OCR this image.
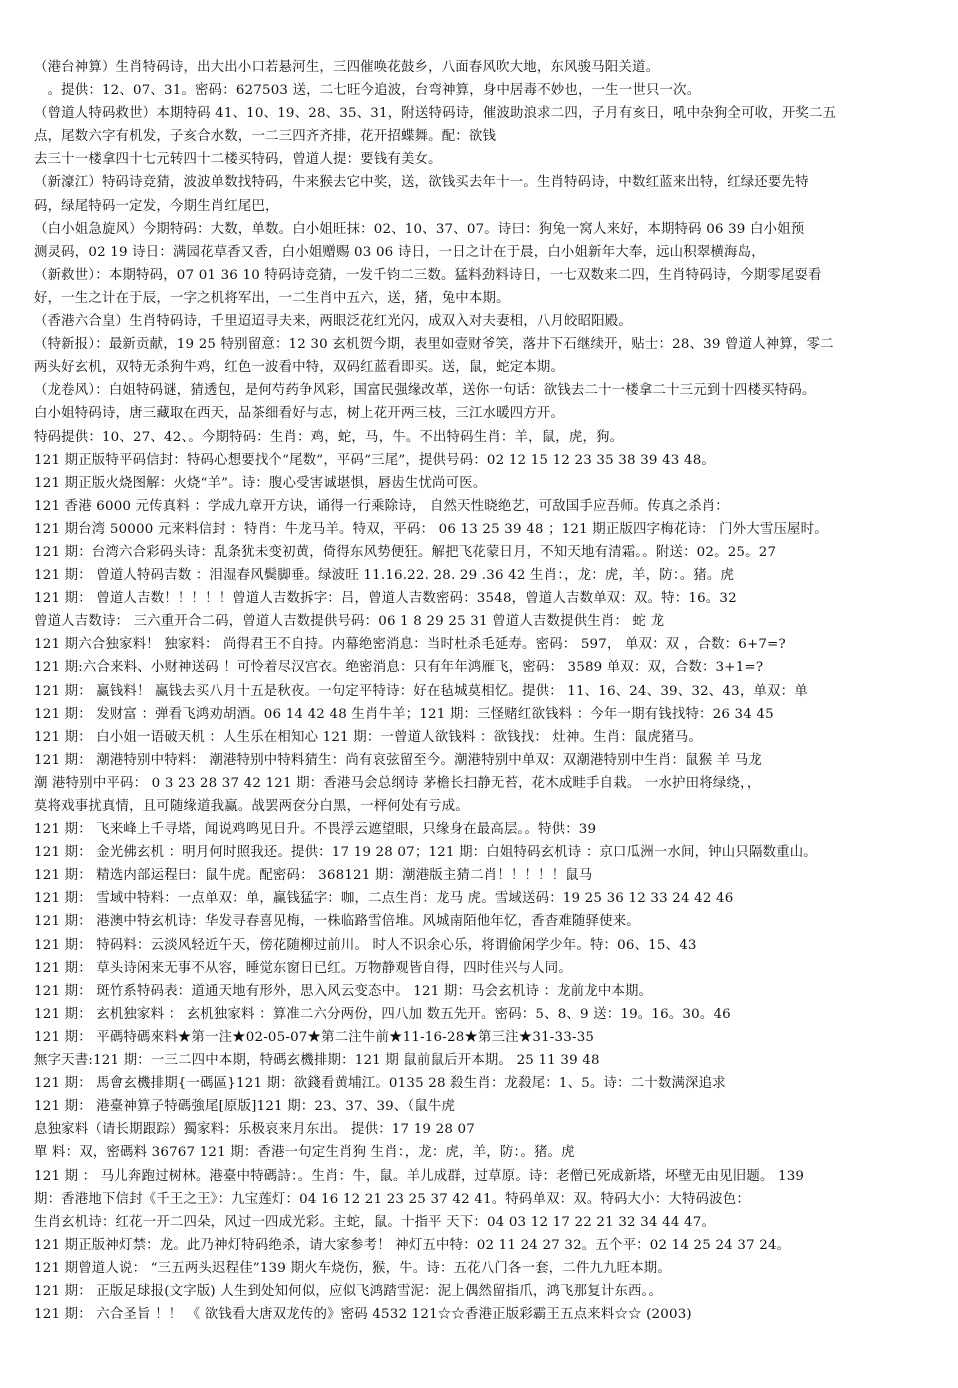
（港台神算）生肖特码诗，出大出小口若悬河生，三四催唤花鼓乡，八面春风吹大地，东风骏马阳关道。
　。提供：12、07、31。密码：627503 送，二七旺今追波，台弯神算，身中居毒不妙也，一生一世只一次。
（曾道人特码救世）本期特码 41、10、19、28、35、31，附送特码诗，催波助浪求二四，子月有亥日，吼中杂狗全可收，开奖二五
点，尾数六字有机发，子亥合水数，一二三四齐齐排，花开招蝶舞。配：欲钱
去三十一楼拿四十七元转四十二楼买特码，曾道人提：要钱有美女。
（新濠江）特码诗竞猜，波波单数找特码，牛来猴去它中奖，送，欲钱买去年十一。生肖特码诗，中数红蓝来出特，红绿还要先特
码，绿尾特码一定发，今期生肖红尾巴，
（白小姐急旋风）今期特码：大数，单数。白小姐旺抹：02、10、37、07。诗曰：狗兔一窝人来好，本期特码 06 39 白小姐预
测灵码，02 19 诗日：满园花草香又香，白小姐赠赐 03 06 诗日，一日之计在于晨，白小姐新年大奉，远山积翠横海岛，
（新救世）：本期特码，07 01 36 10 特码诗竞猜，一发千钧二三数。猛料劲料诗日，一七双数来二四，生肖特码诗，今期零尾耍看
好，一生之计在于辰，一字之机将军出，一二生肖中五六，送，猪，兔中本期。
（香港六合皇）生肖特码诗，千里迢迢寻夫来，两眼泛花红光闪，成双入对夫妻相，八月皎昭阳殿。
（特新报）：最新贡献，19 25 特别留意：12 30 玄机贺今期，表里如壹财爷笑，落井下石继续开，贴士：28、39 曾道人神算，零二
两头好玄机，双特无杀狗牛鸡，红色一波看中特，双码红蓝看即买。送，鼠，蛇定本期。
（龙卷风）：白姐特码谜，猜透包，是何芍药争风彩，国富民强缘改革，送你一句话：欲钱去二十一楼拿二十三元到十四楼买特码。
白小姐特码诗，唐三藏取在西天，品茶细看好与志，树上花开两三枝，三江水暖四方开。
特码提供：10、27、42、。今期特码：生肖：鸡，蛇，马，牛。不出特码生肖：羊，鼠，虎，狗。
121 期正版特平码信封：特码心想要找个“尾数”，平码“三尾”，提供号码：02 12 15 12 23 35 38 39 43 48。
121 期正版火烧图解：火烧“羊”。诗：腹心受害诚堪惧，唇齿生忧尚可医。
121 香港 6000 元传真料 ：学成九章开方诀，诵得一行乘除诗， 自然天性晓绝艺，可敌国手应吾师。传真之杀肖：
121 期台湾 50000 元来料信封 ：特肖：牛龙马羊。特双，平码： 06 13 25 39 48 ；121 期正版四字梅花诗： 门外大雪压屋时。
121 期：台湾六合彩码头诗：乱条犹未变初黄，倚得东风势便狂。解把飞花蒙日月，不知天地有清霜。。附送：02。25。27
121 期： 曾道人特码吉数 ：泪湿春风鬓脚垂。绿波旺 11.16.22. 28. 29 .36 42 生肖：，龙：虎，羊，防：。猪。虎
121 期： 曾道人吉数！！！！！曾道人吉数拆字：吕，曾道人吉数密码：3548，曾道人吉数单双：双。特：16。32
曾道人吉数诗： 三六重开合二码，曾道人吉数提供号码：06 1 8 29 25 31 曾道人吉数提供生肖： 蛇 龙
121 期六合独家料！ 独家料： 尚得君王不自持。内幕绝密消息：当时杜杀毛延寿。密码： 597， 单双：双 ，合数：6+7=?
121 期:六合来料、小财神送码 ！可怜着尽汉宫衣。绝密消息：只有年年鸿雁飞，密码： 3589 单双：双，合数：3+1=?
121 期： 赢钱料！ 赢钱去买八月十五是秋夜。一句定平特诗：好在毡城莫相忆。提供： 11、16、24、39、32、43，单双：单
121 期： 发财富 ：弹看飞鸿劝胡酒。06 14 42 48 生肖牛羊；121 期：三怪赌红欲钱料 ：今年一期有钱找特：26 34 45
121 期： 白小姐一语破天机 ：人生乐在相知心 121 期：一曾道人欲钱料 ：欲钱找： 灶神。生肖：鼠虎猪马。
121 期： 潮港特别中特料： 潮港特别中特料猜生：尚有哀弦留至今。潮港特别中单双：双潮港特别中生肖：鼠猴 羊 马龙
潮 港特别中平码： 0 3 23 28 37 42 121 期：香港马会总纲诗 茅檐长扫静无苔，花木成畦手自栽。 一水护田将绿绕，，
莫将戏事扰真情，且可随缘道我赢。战罢两奁分白黑，一枰何处有亏成。
121 期： 飞来峰上千寻塔，闻说鸡鸣见日升。不畏浮云遮望眼，只缘身在最高层。。特供：39
121 期： 金光佛玄机 ：明月何时照我还。提供：17 19 28 07；121 期：白姐特码玄机诗 ：京口瓜洲一水间，钟山只隔数重山。
121 期： 精选内部运程曰：鼠牛虎。配密码： 368121 期：潮港版主猜二肖！！！！！鼠马
121 期： 雪域中特料：一点单双：单，赢钱猛字：咖，二点生肖：龙马 虎。雪域送码：19 25 36 12 33 24 42 46
121 期： 港澳中特玄机诗：华发寻春喜见梅，一株临路雪倍堆。风城南陌他年忆，香杳难随驿使来。
121 期： 特码料：云淡风轻近午天，傍花随柳过前川。 时人不识余心乐，将谓偷闲学少年。特：06、15、43
121 期： 草头诗闲来无事不从容，睡觉东窗日已红。万物静观皆自得，四时佳兴与人同。
121 期： 斑竹系特码表：道通天地有形外，思入风云变态中。 121 期：马会玄机诗 ：龙前龙中本期。
121 期： 玄机独家料 ： 玄机独家料 ：算准二六分两份，四八加 数五先开。密码：5、8、9 送：19。16。30。46
121 期： 平碼特碼來料★第一注★02-05-07★第二注牛前★11-16-28★第三注★31-33-35
無字天書:121 期：一三二四中本期，特碼玄機排期：121 期 鼠前鼠后开本期。 25 11 39 48
121 期： 馬會玄機排期{一碼區}121 期：欲錢看黄埔江。0135 28 殺生肖：龙殺尾：1、5。诗：二十数满深追求
121 期： 港臺神算子特碼強尾[原版]121 期：23、37、39、（鼠牛虎
息独家料（请长期跟踪）獨家料：乐极哀来月东出。 提供：17 19 28 07
單 料：双，密碼料 36767 121 期：香港一句定生肖狗 生肖：，龙：虎，羊，防：。猪。虎
121 期 ： 马儿奔跑过树林。港臺中特碼詩：。生肖：牛，鼠。羊儿成群，过草原。诗：老僧已死成新塔，坏壁无由见旧题。 139
期：香港地下信封《千王之王》：九宝莲灯：04 16 12 21 23 25 37 42 41。特码单双：双。特码大小：大特码波色：
生肖玄机诗：红花一开二四朵，风过一四成光彩。主蛇，鼠。十指平 天下：04 03 12 17 22 21 32 34 44 47。
121 期正版神灯禁：龙。此乃神灯特码绝杀，请大家参考！ 神灯五中特：02 11 24 27 32。五个平：02 14 25 24 37 24。
121 期曾道人说： “三五两头迟程佳”139 期火车烧伤，猴，牛。诗：五花八门各一套，二件九九旺本期。
121 期： 正版足球报(文字版) 人生到处知何似，应似飞鸿踏雪泥：泥上偶然留指爪，鸿飞那复计东西。。
121 期： 六合圣旨 ！！ 《 欲钱看大唐双龙传的》密码 4532 121☆☆香港正版彩霸王五点来料☆☆ (2003)
